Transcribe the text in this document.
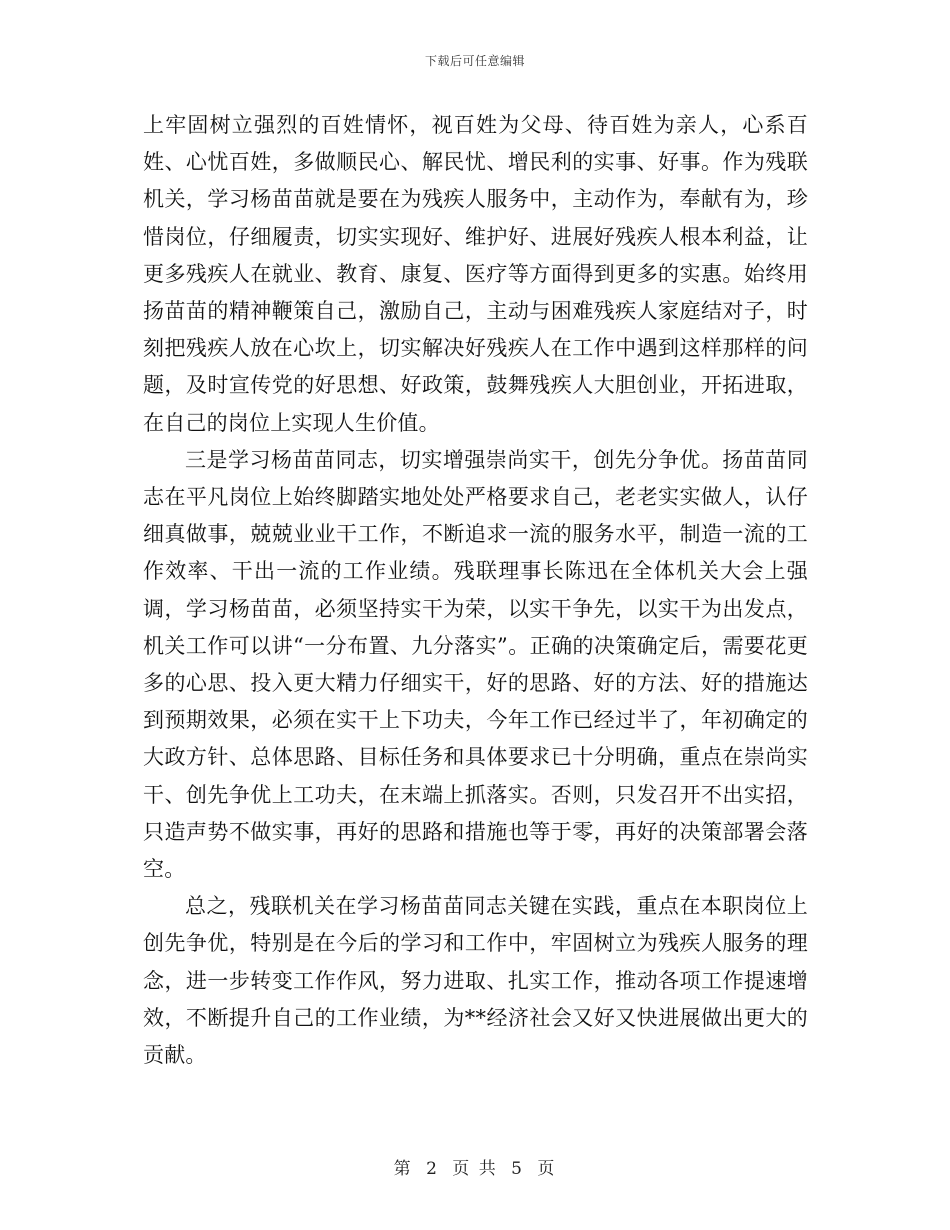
下载后可任意编辑

上牢固树立强烈的百姓情怀，视百姓为父母、待百姓为亲人，心系百姓、心忧百姓，多做顺民心、解民忧、增民利的实事、好事。作为残联机关，学习杨苗苗就是要在为残疾人服务中，主动作为，奉献有为，珍惜岗位，仔细履责，切实实现好、维护好、进展好残疾人根本利益，让更多残疾人在就业、教育、康复、医疗等方面得到更多的实惠。始终用扬苗苗的精神鞭策自己，激励自己，主动与困难残疾人家庭结对子，时刻把残疾人放在心坎上，切实解决好残疾人在工作中遇到这样那样的问题，及时宣传党的好思想、好政策，鼓舞残疾人大胆创业，开拓进取，在自己的岗位上实现人生价值。

三是学习杨苗苗同志，切实增强崇尚实干，创先分争优。扬苗苗同志在平凡岗位上始终脚踏实地处处严格要求自己，老老实实做人，认仔细真做事，兢兢业业干工作，不断追求一流的服务水平，制造一流的工作效率、干出一流的工作业绩。残联理事长陈迅在全体机关大会上强调，学习杨苗苗，必须坚持实干为荣，以实干争先，以实干为出发点，机关工作可以讲“一分布置、九分落实”。正确的决策确定后，需要花更多的心思、投入更大精力仔细实干，好的思路、好的方法、好的措施达到预期效果，必须在实干上下功夫，今年工作已经过半了，年初确定的大政方针、总体思路、目标任务和具体要求已十分明确，重点在崇尚实干、创先争优上工功夫，在末端上抓落实。否则，只发召开不出实招，只造声势不做实事，再好的思路和措施也等于零，再好的决策部署会落空。

总之，残联机关在学习杨苗苗同志关键在实践，重点在本职岗位上创先争优，特别是在今后的学习和工作中，牢固树立为残疾人服务的理念，进一步转变工作作风，努力进取、扎实工作，推动各项工作提速增效，不断提升自己的工作业绩，为**经济社会又好又快进展做出更大的贡献。

第 2 页 共 5 页
